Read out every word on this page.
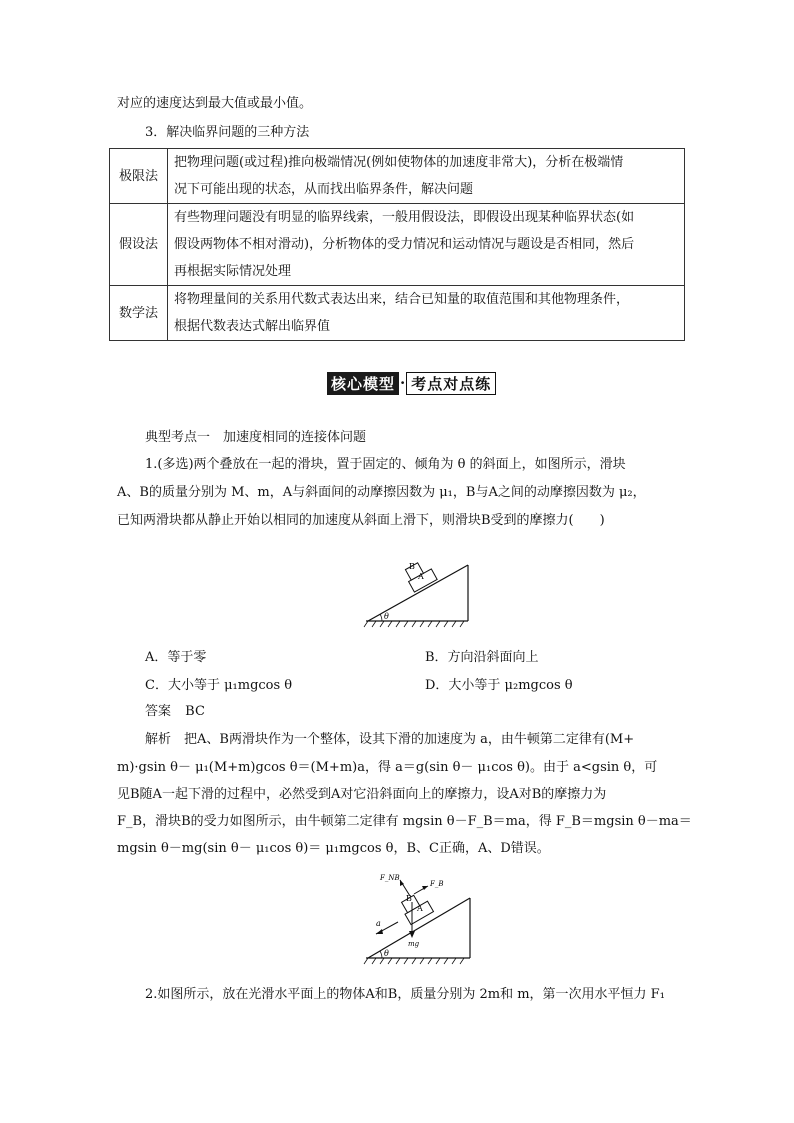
对应的速度达到最大值或最小值。
3．解决临界问题的三种方法
极限法	把物理问题(或过程)推向极端情况(例如使物体的加速度非常大)，分析在极端情
况下可能出现的状态，从而找出临界条件，解决问题

假设法	有些物理问题没有明显的临界线索，一般用假设法，即假设出现某种临界状态(如
假设两物体不相对滑动)，分析物体的受力情况和运动情况与题设是否相同，然后
再根据实际情况处理

数学法	将物理量间的关系用代数式表达出来，结合已知量的取值范围和其他物理条件，
根据代数表达式解出临界值
核心模型 · 考点对点练
典型考点一　加速度相同的连接体问题
1.(多选)两个叠放在一起的滑块，置于固定的、倾角为 θ 的斜面上，如图所示，滑块
A、B的质量分别为 M、m，A与斜面间的动摩擦因数为 μ₁，B与A之间的动摩擦因数为 μ₂，
已知两滑块都从静止开始以相同的加速度从斜面上滑下，则滑块B受到的摩擦力(　　)
θ
B
A
A．等于零	B．方向沿斜面向上
C．大小等于 μ₁mgcos θ	D．大小等于 μ₂mgcos θ
答案 BC
解析　把A、B两滑块作为一个整体，设其下滑的加速度为 a，由牛顿第二定律有(M+
m)·gsin θ－ μ₁(M+m)gcos θ＝(M+m)a，得 a＝g(sin θ－ μ₁cos θ)。由于 a<gsin θ，可
见B随A一起下滑的过程中，必然受到A对它沿斜面向上的摩擦力，设A对B的摩擦力为
F_B，滑块B的受力如图所示，由牛顿第二定律有 mgsin θ－F_B＝ma，得 F_B＝mgsin θ－ma＝
mgsin θ－mg(sin θ－ μ₁cos θ)＝ μ₁mgcos θ，B、C正确，A、D错误。
θ
B
A
F_NB
F_B
mg
a
2.如图所示，放在光滑水平面上的物体A和B，质量分别为 2m和 m，第一次用水平恒力 F₁
